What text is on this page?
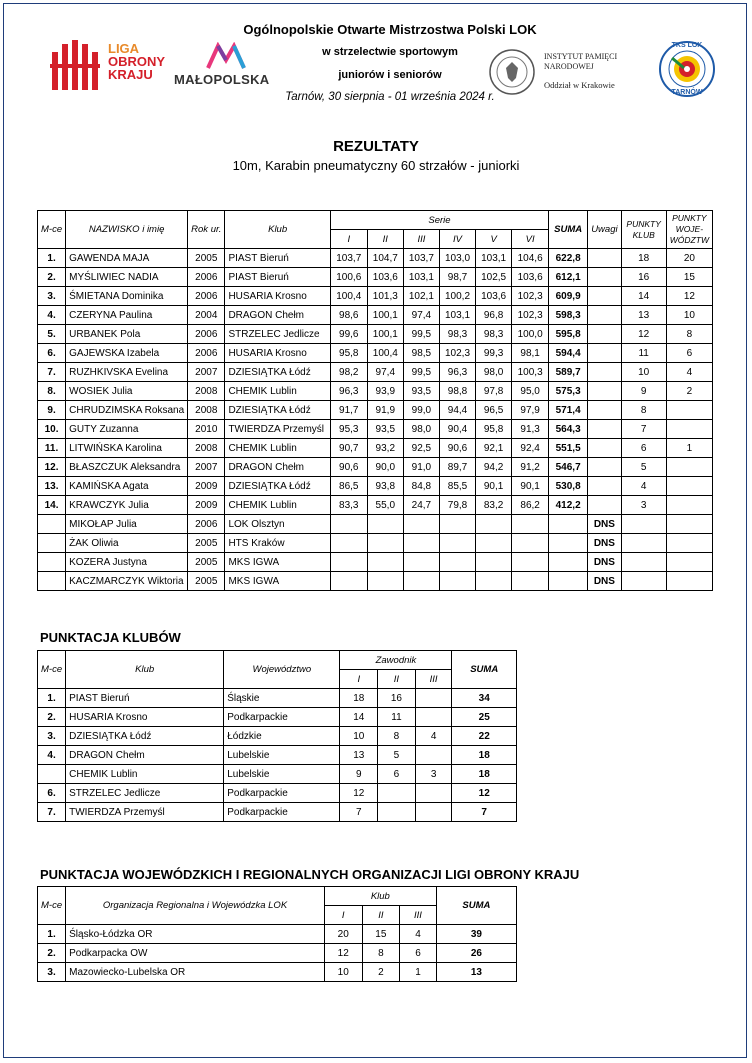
LIGA
OBRONY
KRAJU	MAŁOPOLSKA
Ogólnopolskie Otwarte Mistrzostwa Polski LOK
w strzelectwie sportowym
juniorów i seniorów
Tarnów, 30 sierpnia - 01 września 2024 r.
INSTYTUT PAMIĘCI
NARODOWEJ
Oddział w Krakowie
TKS LOK
TARNÓW
REZULTATY
10m, Karabin pneumatyczny 60 strzałów - juniorki
M-ce	NAZWISKO i imię	Rok ur.	Klub	Serie						SUMA	Uwagi	PUNKTY KLUB	PUNKTY WOJE-WÓDZTW
				I	II	III	IV	V	VI				
1.	GAWENDA MAJA	2005	PIAST Bieruń	103,7	104,7	103,7	103,0	103,1	104,6	622,8		18	20
2.	MYŚLIWIEC NADIA	2006	PIAST Bieruń	100,6	103,6	103,1	98,7	102,5	103,6	612,1		16	15
3.	ŚMIETANA Dominika	2006	HUSARIA Krosno	100,4	101,3	102,1	100,2	103,6	102,3	609,9		14	12
4.	CZERYNA Paulina	2004	DRAGON Chełm	98,6	100,1	97,4	103,1	96,8	102,3	598,3		13	10
5.	URBANEK Pola	2006	STRZELEC Jedlicze	99,6	100,1	99,5	98,3	98,3	100,0	595,8		12	8
6.	GAJEWSKA Izabela	2006	HUSARIA Krosno	95,8	100,4	98,5	102,3	99,3	98,1	594,4		11	6
7.	RUZHKIVSKA Evelina	2007	DZIESIĄTKA Łódź	98,2	97,4	99,5	96,3	98,0	100,3	589,7		10	4
8.	WOSIEK Julia	2008	CHEMIK Lublin	96,3	93,9	93,5	98,8	97,8	95,0	575,3		9	2
9.	CHRUDZIMSKA Roksana	2008	DZIESIĄTKA Łódź	91,7	91,9	99,0	94,4	96,5	97,9	571,4		8	
10.	GUTY Zuzanna	2010	TWIERDZA Przemyśl	95,3	93,5	98,0	90,4	95,8	91,3	564,3		7	
11.	LITWIŃSKA Karolina	2008	CHEMIK Lublin	90,7	93,2	92,5	90,6	92,1	92,4	551,5		6	1
12.	BŁASZCZUK Aleksandra	2007	DRAGON Chełm	90,6	90,0	91,0	89,7	94,2	91,2	546,7		5	
13.	KAMIŃSKA Agata	2009	DZIESIĄTKA Łódź	86,5	93,8	84,8	85,5	90,1	90,1	530,8		4	
14.	KRAWCZYK Julia	2009	CHEMIK Lublin	83,3	55,0	24,7	79,8	83,2	86,2	412,2		3	
	MIKOŁAP Julia	2006	LOK Olsztyn								DNS		
	ŻAK Oliwia	2005	HTS Kraków								DNS		
	KOZERA Justyna	2005	MKS IGWA								DNS		
	KACZMARCZYK Wiktoria	2005	MKS IGWA								DNS		
PUNKTACJA KLUBÓW
M-ce	Klub	Województwo	Zawodnik			SUMA
			I	II	III	
1.	PIAST Bieruń	Śląskie	18	16		34
2.	HUSARIA Krosno	Podkarpackie	14	11		25
3.	DZIESIĄTKA Łódź	Łódzkie	10	8	4	22
4.	DRAGON Chełm	Lubelskie	13	5		18
	CHEMIK Lublin	Lubelskie	9	6	3	18
6.	STRZELEC Jedlicze	Podkarpackie	12			12
7.	TWIERDZA Przemyśl	Podkarpackie	7			7
PUNKTACJA WOJEWÓDZKICH I REGIONALNYCH ORGANIZACJI LIGI OBRONY KRAJU
M-ce	Organizacja Regionalna i Wojewódzka LOK	Klub			SUMA
		I	II	III	
1.	Śląsko-Łódzka OR	20	15	4	39
2.	Podkarpacka OW	12	8	6	26
3.	Mazowiecko-Lubelska OR	10	2	1	13
